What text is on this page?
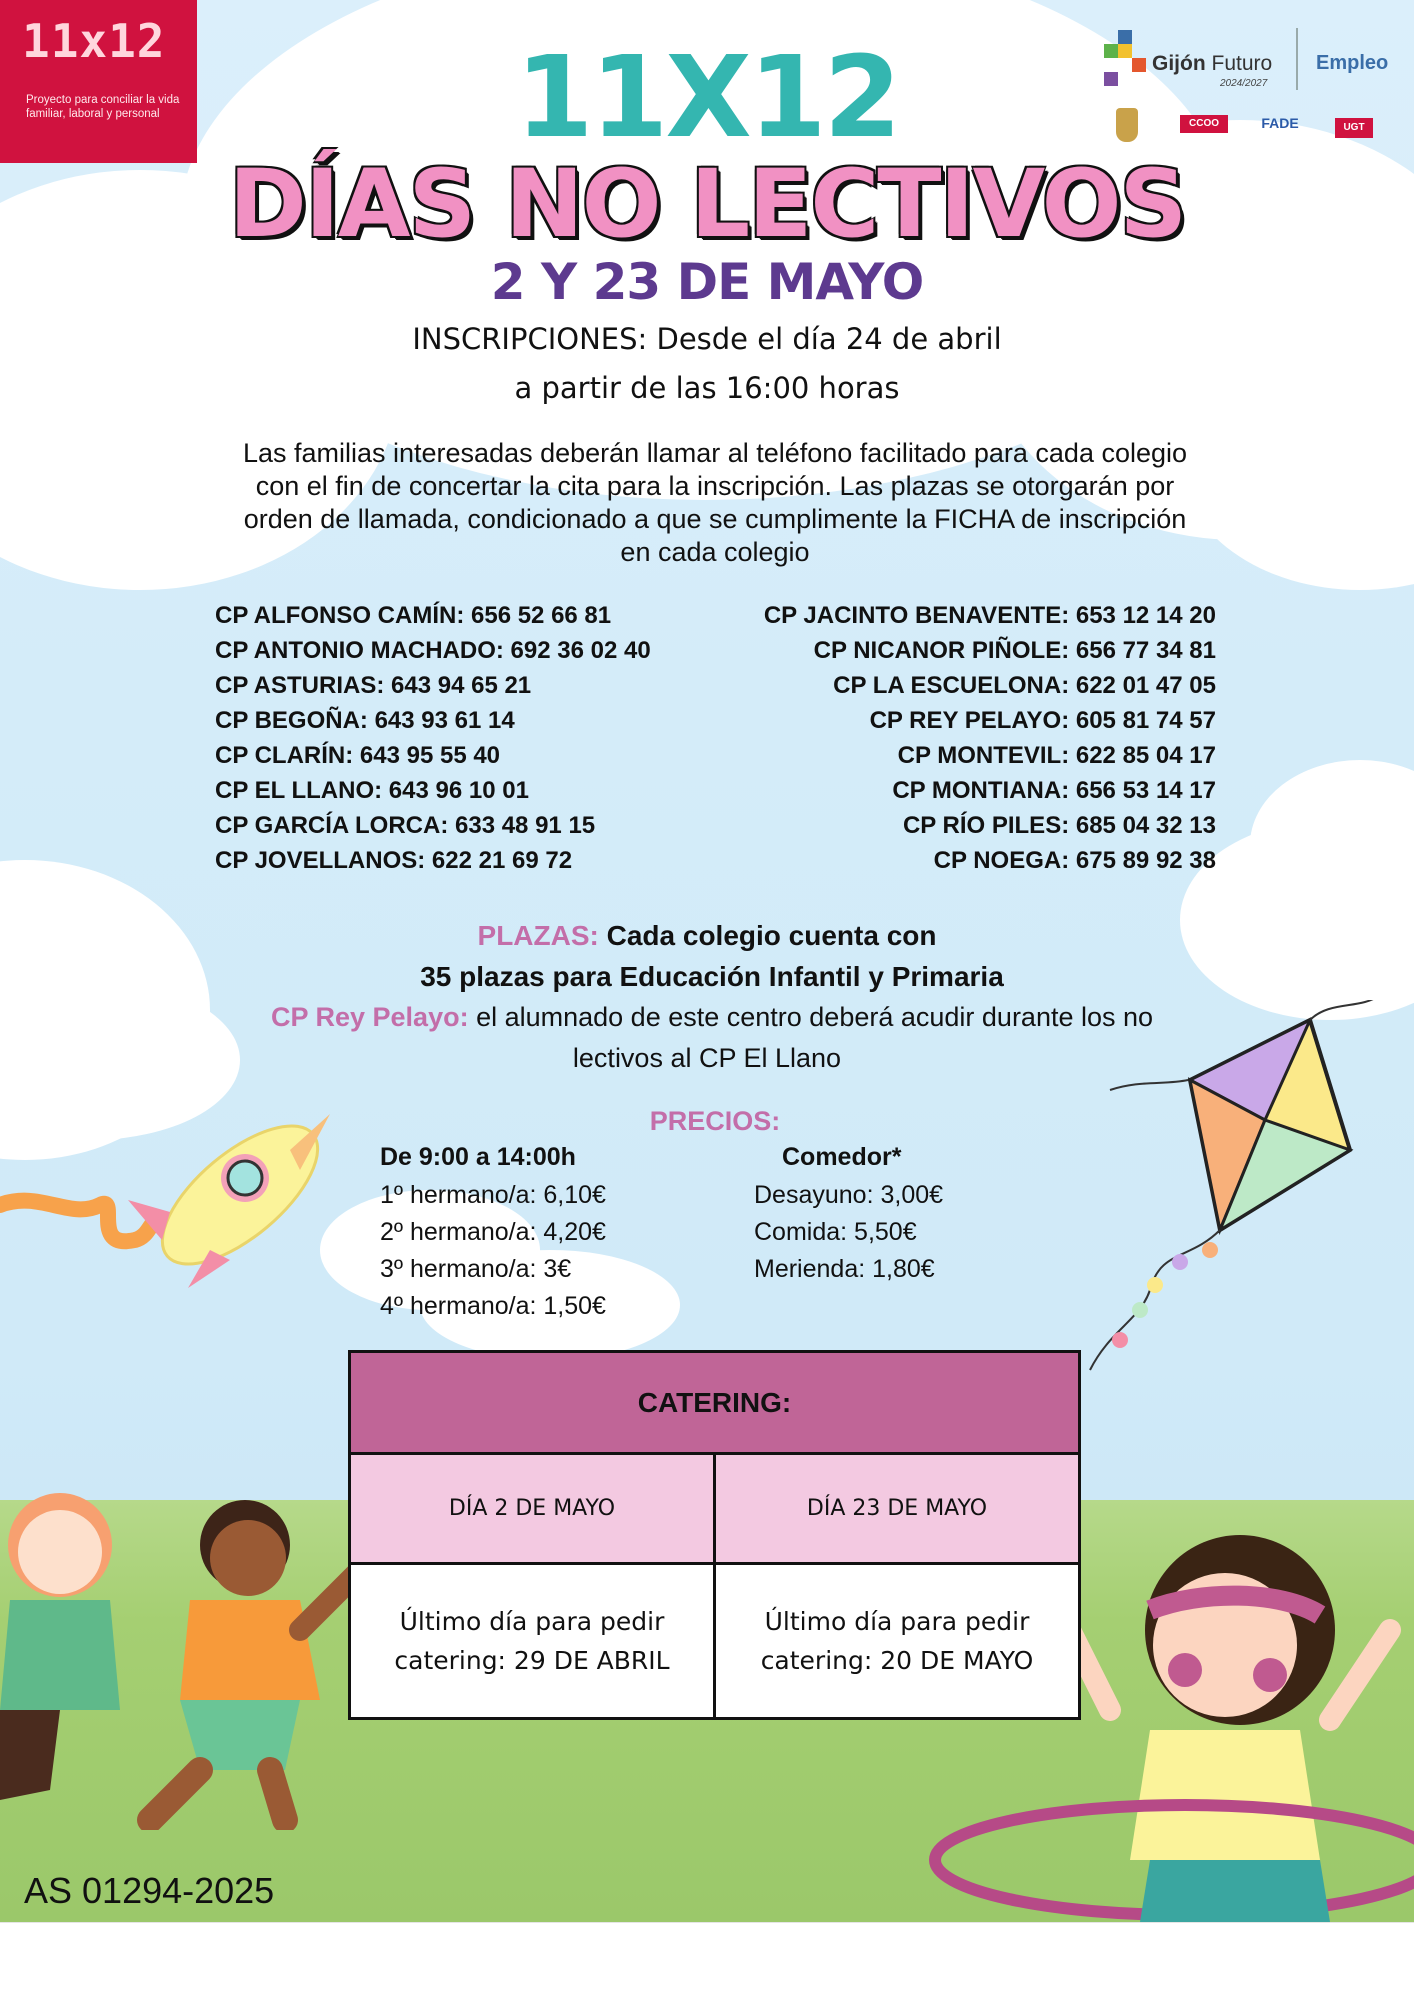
11x12
Proyecto para conciliar la vida familiar, laboral y personal
Gijón Futuro
2024/2027
Empleo
CCOO	FADE	UGT
11X12
DÍAS NO LECTIVOS
2 Y 23 DE MAYO
INSCRIPCIONES: Desde el día 24 de abril
a partir de las 16:00 horas
Las familias interesadas deberán llamar al teléfono facilitado para cada colegio con el fin de concertar la cita para la inscripción. Las plazas se otorgarán por orden de llamada, condicionado a que se cumplimente la FICHA de inscripción en cada colegio
CP ALFONSO CAMÍN: 656 52 66 81
CP ANTONIO MACHADO: 692 36 02 40
CP ASTURIAS: 643 94 65 21
CP BEGOÑA: 643 93 61 14
CP CLARÍN: 643 95 55 40
CP EL LLANO: 643 96 10 01
CP GARCÍA LORCA: 633 48 91 15
CP JOVELLANOS: 622 21 69 72
CP JACINTO BENAVENTE: 653 12 14 20
CP NICANOR PIÑOLE: 656 77 34 81
CP LA ESCUELONA: 622 01 47 05
CP REY PELAYO: 605 81 74 57
CP MONTEVIL: 622 85 04 17
CP MONTIANA: 656 53 14 17
CP RÍO PILES: 685 04 32 13
CP NOEGA: 675 89 92 38
PLAZAS: Cada colegio cuenta con
35 plazas para Educación Infantil y Primaria
CP Rey Pelayo: el alumnado de este centro deberá acudir durante los no
lectivos al CP El Llano
PRECIOS:
De 9:00 a 14:00h
1º hermano/a: 6,10€
2º hermano/a: 4,20€
3º hermano/a: 3€
4º hermano/a: 1,50€
Comedor*
Desayuno: 3,00€
Comida: 5,50€
Merienda: 1,80€
CATERING:
DÍA 2 DE MAYO	DÍA 23 DE MAYO
Último día para pedir
catering: 29 DE ABRIL
Último día para pedir
catering: 20 DE MAYO
AS 01294-2025
